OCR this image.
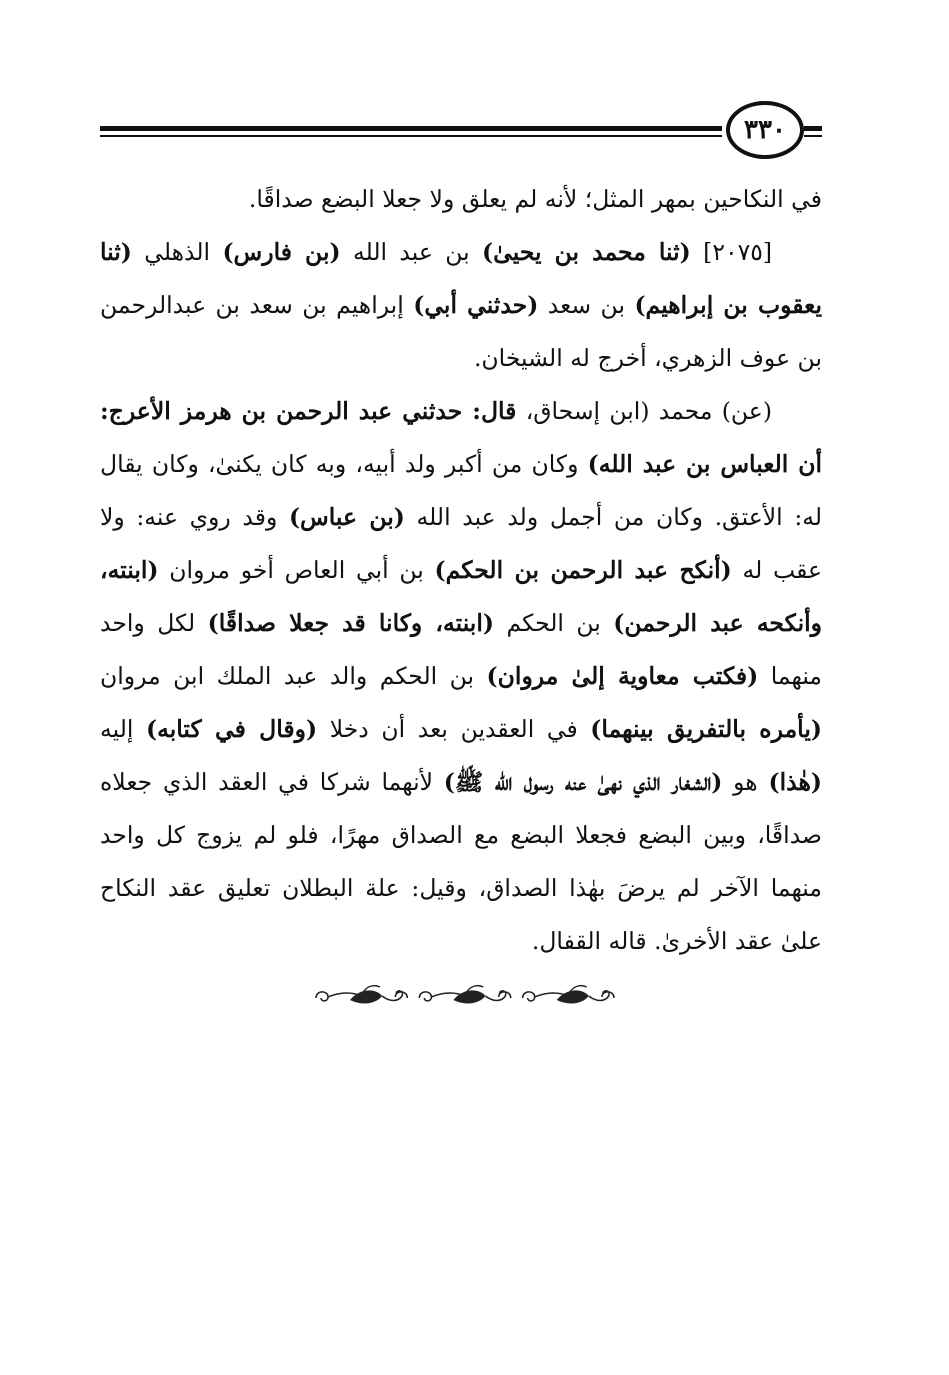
٣٣٠

في النكاحين بمهر المثل؛ لأنه لم يعلق ولا جعلا البضع صداقًا.

[٢٠٧٥] (ثنا محمد بن يحيىٰ) بن عبد الله (بن فارس) الذهلي (ثنا يعقوب بن إبراهيم) بن سعد (حدثني أبي) إبراهيم بن سعد بن عبدالرحمن بن عوف الزهري، أخرج له الشيخان.

(عن) محمد (ابن إسحاق، قال: حدثني عبد الرحمن بن هرمز الأعرج: أن العباس بن عبد الله) وكان من أكبر ولد أبيه، وبه كان يكنىٰ، وكان يقال له: الأعتق. وكان من أجمل ولد عبد الله (بن عباس) وقد روي عنه: ولا عقب له (أنكح عبد الرحمن بن الحكم) بن أبي العاص أخو مروان (ابنته، وأنكحه عبد الرحمن) بن الحكم (ابنته، وكانا قد جعلا صداقًا) لكل واحد منهما (فكتب معاوية إلىٰ مروان) بن الحكم والد عبد الملك ابن مروان (يأمره بالتفريق بينهما) في العقدين بعد أن دخلا (وقال في كتابه) إليه (هٰذا) هو (الشغار الذي نهىٰ عنه رسول الله ﷺ) لأنهما شركا في العقد الذي جعلاه صداقًا، وبين البضع فجعلا البضع مع الصداق مهرًا، فلو لم يزوج كل واحد منهما الآخر لم يرضَ بهٰذا الصداق، وقيل: علة البطلان تعليق عقد النكاح علىٰ عقد الأخرىٰ. قاله القفال.
